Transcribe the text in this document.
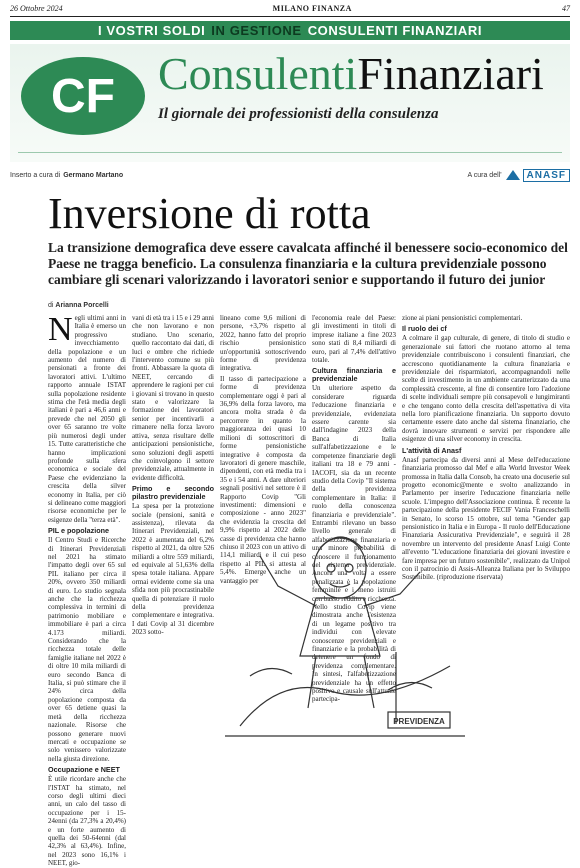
26 Ottobre 2024	MILANO FINANZA	47
I VOSTRI SOLDI IN GESTIONE CONSULENTI FINANZIARI
CF ConsulentiFinanziari
Il giornale dei professionisti della consulenza
Inserto a cura di Germano Martano	A cura dell'	ANASF
Inversione di rotta
La transizione demografica deve essere cavalcata affinché il benessere socio-economico del Paese ne tragga beneficio. La consulenza finanziaria e la cultura previdenziale possono cambiare gli scenari valorizzando i lavoratori senior e supportando il futuro dei junior
di Arianna Porcelli

Negli ultimi anni in Italia è emerso un progressivo invecchiamento della popolazione e un aumento del numero di pensionati a fronte dei lavoratori attivi. L'ultimo rapporto annuale ISTAT sulla popolazione residente stima che l'età media degli italiani è pari a 46,6 anni e prevede che nel 2050 gli over 65 saranno tre volte più numerosi degli under 15. Tutte caratteristiche che hanno implicazioni profonde sulla sfera economica e sociale del Paese che evidenziano la crescita della silver economy in Italia, per ciò si delineano come maggiori risorse economiche per le esigenze della "terza età".

PIL e popolazione

Il Centro Studi e Ricerche di Itinerari Previdenziali nel 2021 ha stimato l'impatto degli over 65 sul PIL italiano per circa il 20%, ovvero 350 miliardi di euro. Lo studio segnala anche che la ricchezza complessiva in termini di patrimonio mobiliare e immobiliare è pari a circa 4.173 miliardi. Considerando che la ricchezza totale delle famiglie italiane nel 2022 è di oltre 10 mila miliardi di euro secondo Banca di Italia, si può stimare che il 24% circa della popolazione composta da over 65 detiene quasi la metà della ricchezza nazionale. Risorse che possono generare nuovi mercati e occupazione se solo venissero valorizzate nella giusta direzione.

Occupazione e NEET

È utile ricordare anche che l'ISTAT ha stimato, nel corso degli ultimi dieci anni, un calo del tasso di occupazione per i 15-24enni (da 27,3% a 20,4%) e un forte aumento di quella dei 50-64enni (dal 42,3% al 63,4%). Infine, nel 2023 sono 16,1% i NEET, gio-

vani di età tra i 15 e i 29 anni che non lavorano e non studiano. Uno scenario, quello raccontato dai dati, di luci e ombre che richiede l'intervento comune su più fronti. Abbassare la quota di NEET, cercando di apprendere le ragioni per cui i giovani si trovano in questo stato e valorizzare la formazione dei lavoratori senior per incentivarli a rimanere nella forza lavoro attiva, senza risultare delle anticipazioni pensionistiche, sono soluzioni degli aspetti che coinvolgono il settore previdenziale, attualmente in evidente difficoltà.

Primo e secondo pilastro previdenziale

La spesa per la protezione sociale (pensioni, sanità e assistenza), rilevata da Itinerari Previdenziali, nel 2022 è aumentata del 6,2% rispetto al 2021, da oltre 526 miliardi a oltre 559 miliardi, ed equivale al 51,63% della spesa totale italiana. Appare ormai evidente come sia una sfida non più procrastinabile quella di potenziare il ruolo della previdenza complementare e integrativa. I dati Covip al 31 dicembre 2023 sotto-

lineano come 9,6 milioni di persone, +3,7% rispetto al 2022, hanno fatto del proprio rischio pensionistico un'opportunità sottoscrivendo forme di previdenza integrativa.

Il tasso di partecipazione a forme di previdenza complementare oggi è pari al 36,9% della forza lavoro, ma ancora molta strada è da percorrere in quanto la maggioranza dei quasi 10 milioni di sottoscrittori di forme pensionistiche integrative è composta da lavoratori di genere maschile, dipendenti, con età media tra i 35 e i 54 anni. A dare ulteriori segnali positivi nel settore è il Rapporto Covip "Gli investimenti: dimensioni e composizione - anno 2023" che evidenzia la crescita del 9,9% rispetto al 2022 delle casse di previdenza che hanno chiuso il 2023 con un attivo di 114,1 miliardi e il cui peso rispetto al PIL si attesta al 5,4%. Emerge anche un vantaggio per

l'economia reale del Paese: gli investimenti in titoli di imprese italiane a fine 2023 sono stati di 8,4 miliardi di euro, pari al 7,4% dell'attivo totale.

Cultura finanziaria e previdenziale

Un ulteriore aspetto da considerare riguarda l'educazione finanziaria e previdenziale, evidenziata essere carente sia dall'indagine 2023 della Banca di Italia sull'alfabetizzazione e le competenze finanziarie degli italiani tra 18 e 79 anni - IACOFI, sia da un recente studio della Covip "Il sistema della previdenza complementare in Italia: il ruolo della conoscenza finanziaria e previdenziale". Entrambi rilevano un basso livello generale di alfabetizzazione finanziaria e una minore probabilità di conoscere il funzionamento del sistema previdenziale. Ancora una volta a essere penalizzata è la popolazione femminile e i meno istruiti con basso reddito e ricchezza. Nello studio Covip viene dimostrata anche l'esistenza di un legame positivo tra individui con elevate conoscenze previdenziali e finanziarie e la probabilità di detenere un fondo di previdenza complementare. In sintesi, l'alfabetizzazione previdenziale ha un effetto positivo e causale sull'attuale partecipa-

zione ai piani pensionistici complementari.

Il ruolo dei cf

A colmare il gap culturale, di genere, di titolo di studio e generazionale sui fattori che ruotano attorno al tema previdenziale contribuiscono i consulenti finanziari, che accrescono quotidianamente la cultura finanziaria e previdenziale dei risparmiatori, accompagnandoli nelle scelte di investimento in un ambiente caratterizzato da una complessità crescente, al fine di consentire loro l'adozione di scelte individuali sempre più consapevoli e lungimiranti e che tengano conto della crescita dell'aspettativa di vita nella loro pianificazione finanziaria. Un supporto dovuto certamente essere dato anche dal sistema finanziario, che dovrà innovare strumenti e servizi per rispondere alle esigenze di una silver economy in crescita.

L'attività di Anasf

Anasf partecipa da diversi anni al Mese dell'educazione finanziaria promosso dal Mef e alla World Investor Week promossa in Italia dalla Consob, ha creato una docuserie sul progetto economic@mente e svolto analizzando in Parlamento per inserire l'educazione finanziaria nelle scuole. L'impegno dell'Associazione continua. È recente la partecipazione della presidente FECIF Vania Franceschelli in Senato, lo scorso 15 ottobre, sul tema "Gender gap pensionistico in Italia e in Europa - Il ruolo dell'Educazione Finanziaria Assicurativa Previdenziale", e seguirà il 28 novembre un intervento del presidente Anasf Luigi Conte all'evento "L'educazione finanziaria dei giovani investire e fare impresa per un futuro sostenibile", realizzato da Unipol con il patrocinio di Assis-Alleanza Italiana per lo Sviluppo Sostenibile. (riproduzione riservata)

PREVIDENZA
